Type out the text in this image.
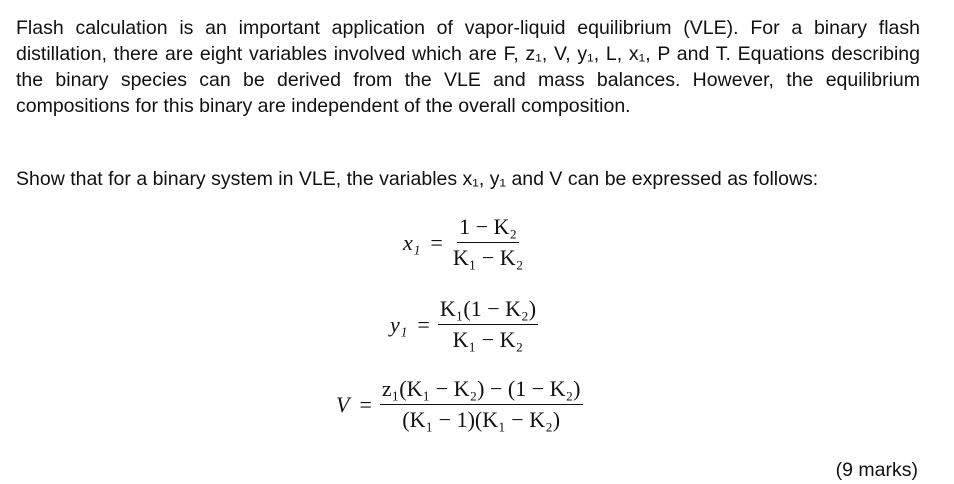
Flash calculation is an important application of vapor-liquid equilibrium (VLE). For a binary flash distillation, there are eight variables involved which are F, z₁, V, y₁, L, x₁, P and T. Equations describing the binary species can be derived from the VLE and mass balances. However, the equilibrium compositions for this binary are independent of the overall composition.

Show that for a binary system in VLE, the variables x₁, y₁ and V can be expressed as follows:

$x_1 = \frac{\text{1 − K₂}}{\text{K₁ − K₂}}$
$y_1 = \frac{\text{K₁(1 − K₂)}}{\text{K₁ − K₂}}$
$V = \frac{\text{z₁(K₁ − K₂) − (1 − K₂)}}{\text{(K₁ − 1)(K₁ − K₂)}}$
(9 marks)
